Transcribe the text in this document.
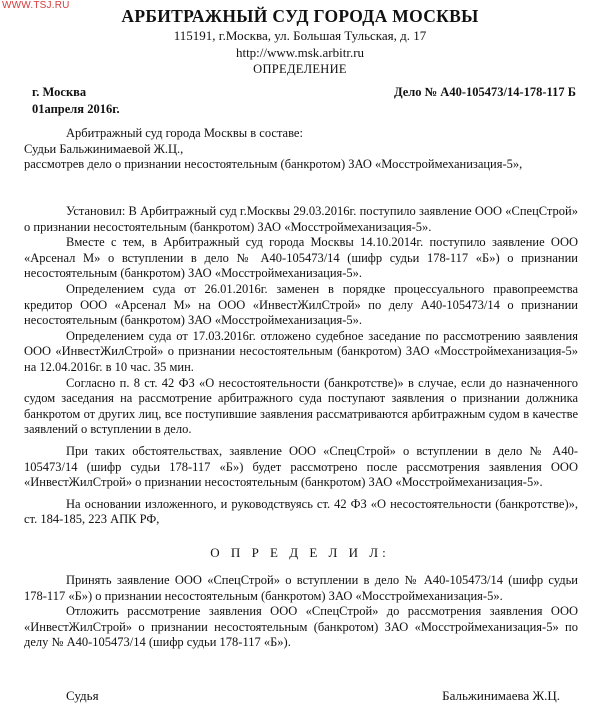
WWW.TSJ.RU
АРБИТРАЖНЫЙ СУД ГОРОДА МОСКВЫ
115191, г.Москва, ул. Большая Тульская, д. 17
http://www.msk.arbitr.ru
ОПРЕДЕЛЕНИЕ
г. Москва
01апреля 2016г.
Дело № А40-105473/14-178-117 Б

Арбитражный суд города Москвы в составе:

Судьи Бальжинимаевой Ж.Ц.,

рассмотрев дело о признании несостоятельным (банкротом) ЗАО «Мосстроймеханизация-5»,

Установил: В Арбитражный суд г.Москвы 29.03.2016г. поступило заявление ООО «СпецСтрой» о признании несостоятельным (банкротом) ЗАО «Мосстроймеханизация-5».

Вместе с тем, в Арбитражный суд города Москвы 14.10.2014г. поступило заявление ООО «Арсенал М» о вступлении в дело № А40-105473/14 (шифр судьи 178-117 «Б») о признании несостоятельным (банкротом) ЗАО «Мосстроймеханизация-5».

Определением суда от 26.01.2016г. заменен в порядке процессуального правопреемства кредитор ООО «Арсенал М» на ООО «ИнвестЖилСтрой» по делу А40-105473/14 о признании несостоятельным (банкротом) ЗАО «Мосстроймеханизация-5».

Определением суда от 17.03.2016г. отложено судебное заседание по рассмотрению заявления ООО «ИнвестЖилСтрой» о признании несостоятельным (банкротом) ЗАО «Мосстроймеханизация-5» на 12.04.2016г. в 10 час. 35 мин.

Согласно п. 8 ст. 42 ФЗ «О несостоятельности (банкротстве)» в случае, если до назначенного судом заседания на рассмотрение арбитражного суда поступают заявления о признании должника банкротом от других лиц, все поступившие заявления рассматриваются арбитражным судом в качестве заявлений о вступлении в дело.

При таких обстоятельствах, заявление ООО «СпецСтрой» о вступлении в дело № А40-105473/14 (шифр судьи 178-117 «Б») будет рассмотрено после рассмотрения заявления ООО «ИнвестЖилСтрой» о признании несостоятельным (банкротом) ЗАО «Мосстроймеханизация-5».

На основании изложенного, и руководствуясь ст. 42 ФЗ «О несостоятельности (банкротстве)», ст. 184-185, 223 АПК РФ,

О П Р Е Д Е Л И Л:

Принять заявление ООО «СпецСтрой» о вступлении в дело № А40-105473/14 (шифр судьи 178-117 «Б») о признании несостоятельным (банкротом) ЗАО «Мосстроймеханизация-5».

Отложить рассмотрение заявления ООО «СпецСтрой» до рассмотрения заявления ООО «ИнвестЖилСтрой» о признании несостоятельным (банкротом) ЗАО «Мосстроймеханизация-5» по делу № А40-105473/14 (шифр судьи 178-117 «Б»).

Судья	Бальжинимаева Ж.Ц.
